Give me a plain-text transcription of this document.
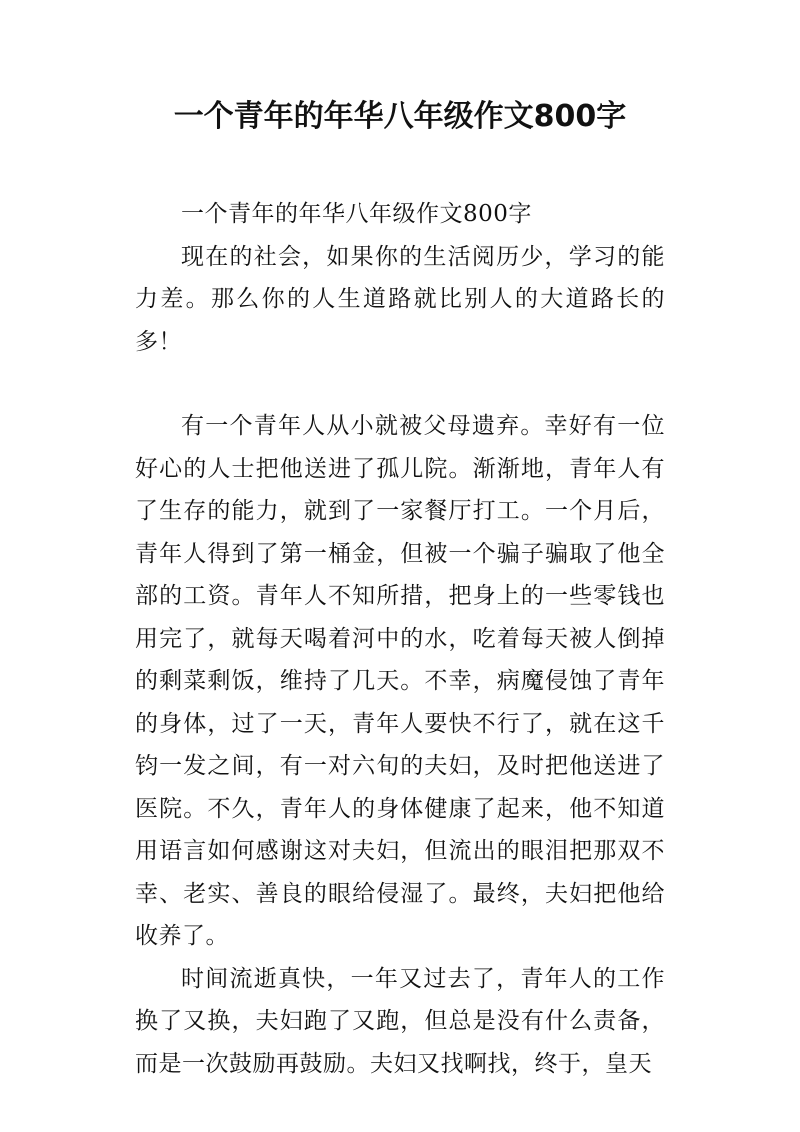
一个青年的年华八年级作文800字

一个青年的年华八年级作文800字

现在的社会，如果你的生活阅历少，学习的能力差。那么你的人生道路就比别人的大道路长的多！

有一个青年人从小就被父母遗弃。幸好有一位好心的人士把他送进了孤儿院。渐渐地，青年人有了生存的能力，就到了一家餐厅打工。一个月后，青年人得到了第一桶金，但被一个骗子骗取了他全部的工资。青年人不知所措，把身上的一些零钱也用完了，就每天喝着河中的水，吃着每天被人倒掉的剩菜剩饭，维持了几天。不幸，病魔侵蚀了青年的身体，过了一天，青年人要快不行了，就在这千钧一发之间，有一对六旬的夫妇，及时把他送进了医院。不久，青年人的身体健康了起来，他不知道用语言如何感谢这对夫妇，但流出的眼泪把那双不幸、老实、善良的眼给侵湿了。最终，夫妇把他给收养了。

时间流逝真快，一年又过去了，青年人的工作换了又换，夫妇跑了又跑，但总是没有什么责备，而是一次鼓励再鼓励。夫妇又找啊找，终于，皇天
